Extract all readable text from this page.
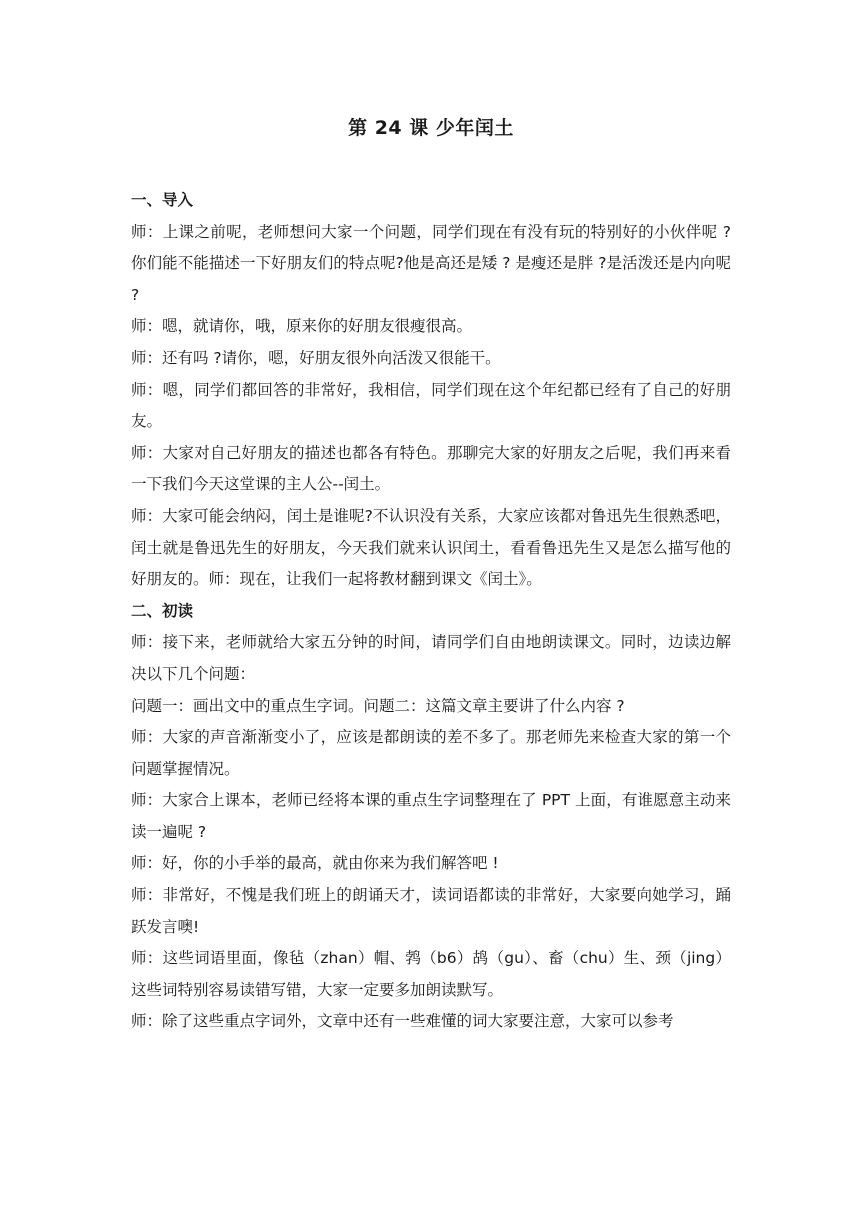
第 24 课 少年闰土
一、导入

师：上课之前呢，老师想问大家一个问题，同学们现在有没有玩的特别好的小伙伴呢 ?你们能不能描述一下好朋友们的特点呢?他是高还是矮 ? 是瘦还是胖 ?是活泼还是内向呢 ?

师：嗯，就请你，哦，原来你的好朋友很瘦很高。

师：还有吗 ?请你，嗯，好朋友很外向活泼又很能干。

师：嗯，同学们都回答的非常好，我相信，同学们现在这个年纪都已经有了自己的好朋友。

师：大家对自己好朋友的描述也都各有特色。那聊完大家的好朋友之后呢，我们再来看一下我们今天这堂课的主人公--闰土。

师：大家可能会纳闷，闰土是谁呢?不认识没有关系，大家应该都对鲁迅先生很熟悉吧，闰土就是鲁迅先生的好朋友，今天我们就来认识闰土，看看鲁迅先生又是怎么描写他的好朋友的。师：现在，让我们一起将教材翻到课文《闰土》。

二、初读

师：接下来，老师就给大家五分钟的时间，请同学们自由地朗读课文。同时，边读边解决以下几个问题：

问题一：画出文中的重点生字词。问题二：这篇文章主要讲了什么内容 ?

师：大家的声音渐渐变小了，应该是都朗读的差不多了。那老师先来检查大家的第一个问题掌握情况。

师：大家合上课本，老师已经将本课的重点生字词整理在了 PPT 上面，有谁愿意主动来读一遍呢 ?

师：好，你的小手举的最高，就由你来为我们解答吧 !

师：非常好，不愧是我们班上的朗诵天才，读词语都读的非常好，大家要向她学习，踊跃发言噢!

师：这些词语里面，像毡（zhan）帽、鹁（b6）鸪（gu）、畜（chu）生、颈（jing）这些词特别容易读错写错，大家一定要多加朗读默写。

师：除了这些重点字词外，文章中还有一些难懂的词大家要注意，大家可以参考
